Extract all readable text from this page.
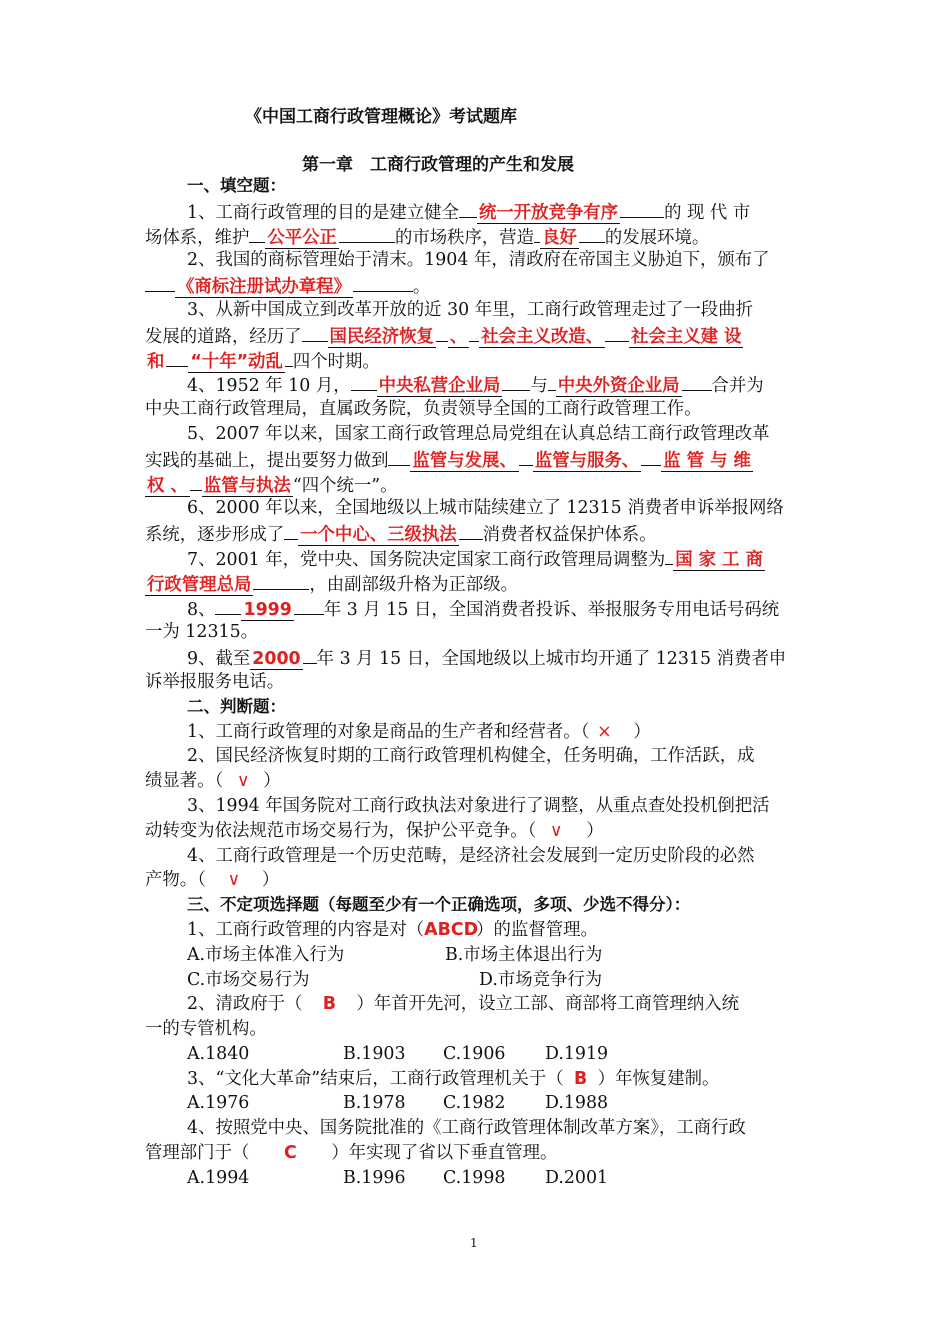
《中国工商行政管理概论》考试题库
第一章　工商行政管理的产生和发展
一、填空题：
1、工商行政管理的目的是建立健全 统一开放竞争有序	的 现 代 市
场体系，维护 公平公正	的市场秩序，营造 良好 的发展环境。
2、我国的商标管理始于清末。1904 年，清政府在帝国主义胁迫下，颁布了
《商标注册试办章程》	。
3、从新中国成立到改革开放的近 30 年里，工商行政管理走过了一段曲折
发展的道路，经历了 国民经济恢复 、 社会主义改造、 社会主义建 设
和 “十年”动乱 四个时期。
4、1952 年 10 月， 中央私营企业局 与 中央外资企业局 合并为
中央工商行政管理局，直属政务院，负责领导全国的工商行政管理工作。
5、2007 年以来，国家工商行政管理总局党组在认真总结工商行政管理改革
实践的基础上，提出要努力做到 监管与发展、 监管与服务、 监 管 与 维
权 、 监管与执法 “四个统一”。
6、2000 年以来，全国地级以上城市陆续建立了 12315 消费者申诉举报网络
系统，逐步形成了 一个中心、三级执法 消费者权益保护体系。
7、2001 年，党中央、国务院决定国家工商行政管理局调整为 国 家 工 商
行政管理总局	，由副部级升格为正部级。
8、 1999 年 3 月 15 日，全国消费者投诉、举报服务专用电话号码统
一为 12315。
9、截至 2000 年 3 月 15 日，全国地级以上城市均开通了 12315 消费者申
诉举报服务电话。
二、判断题：
1、工商行政管理的对象是商品的生产者和经营者。（ × ）
2、国民经济恢复时期的工商行政管理机构健全，任务明确，工作活跃，成
绩显著。（ ∨ ）
3、1994 年国务院对工商行政执法对象进行了调整，从重点查处投机倒把活
动转变为依法规范市场交易行为，保护公平竞争。（ ∨ ）
4、工商行政管理是一个历史范畴，是经济社会发展到一定历史阶段的必然
产物。（ ∨ ）
三、不定项选择题（每题至少有一个正确选项，多项、少选不得分）：
1、工商行政管理的内容是对（ABCD）的监督管理。
A.市场主体准入行为	B.市场主体退出行为
C.市场交易行为	D.市场竞争行为
2、清政府于（ B ）年首开先河，设立工部、商部将工商管理纳入统
一的专管机构。
A.1840	B.1903 C.1906 D.1919
3、“文化大革命”结束后，工商行政管理机关于（ B ）年恢复建制。
A.1976	B.1978 C.1982 D.1988
4、按照党中央、国务院批准的《工商行政管理体制改革方案》，工商行政
管理部门于（ C ）年实现了省以下垂直管理。
A.1994	B.1996 C.1998 D.2001
1
